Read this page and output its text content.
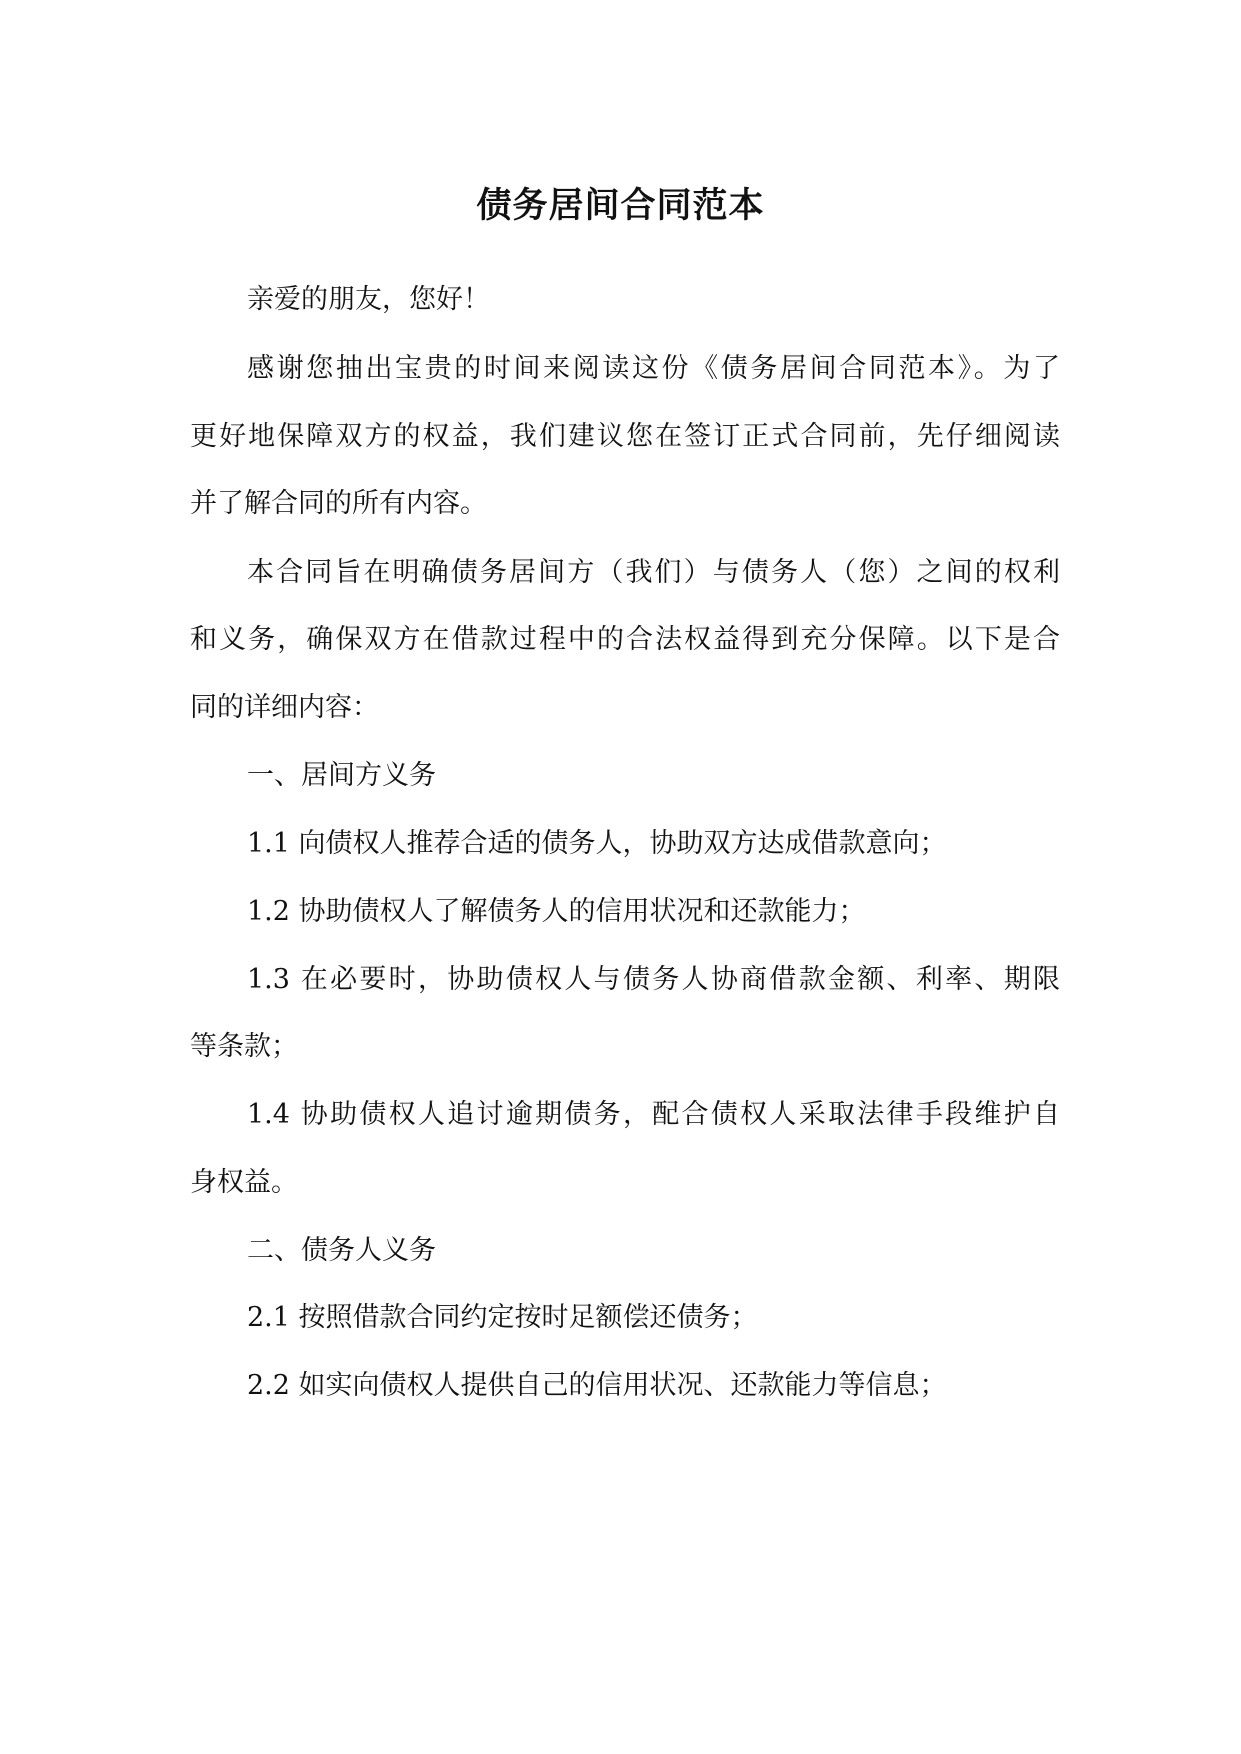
债务居间合同范本

亲爱的朋友，您好！

感谢您抽出宝贵的时间来阅读这份《债务居间合同范本》。为了

更好地保障双方的权益，我们建议您在签订正式合同前，先仔细阅读

并了解合同的所有内容。

本合同旨在明确债务居间方（我们）与债务人（您）之间的权利

和义务，确保双方在借款过程中的合法权益得到充分保障。以下是合

同的详细内容：

一、居间方义务

1.1 向债权人推荐合适的债务人，协助双方达成借款意向；

1.2 协助债权人了解债务人的信用状况和还款能力；

1.3 在必要时，协助债权人与债务人协商借款金额、利率、期限

等条款；

1.4 协助债权人追讨逾期债务，配合债权人采取法律手段维护自

身权益。

二、债务人义务

2.1 按照借款合同约定按时足额偿还债务；

2.2 如实向债权人提供自己的信用状况、还款能力等信息；
